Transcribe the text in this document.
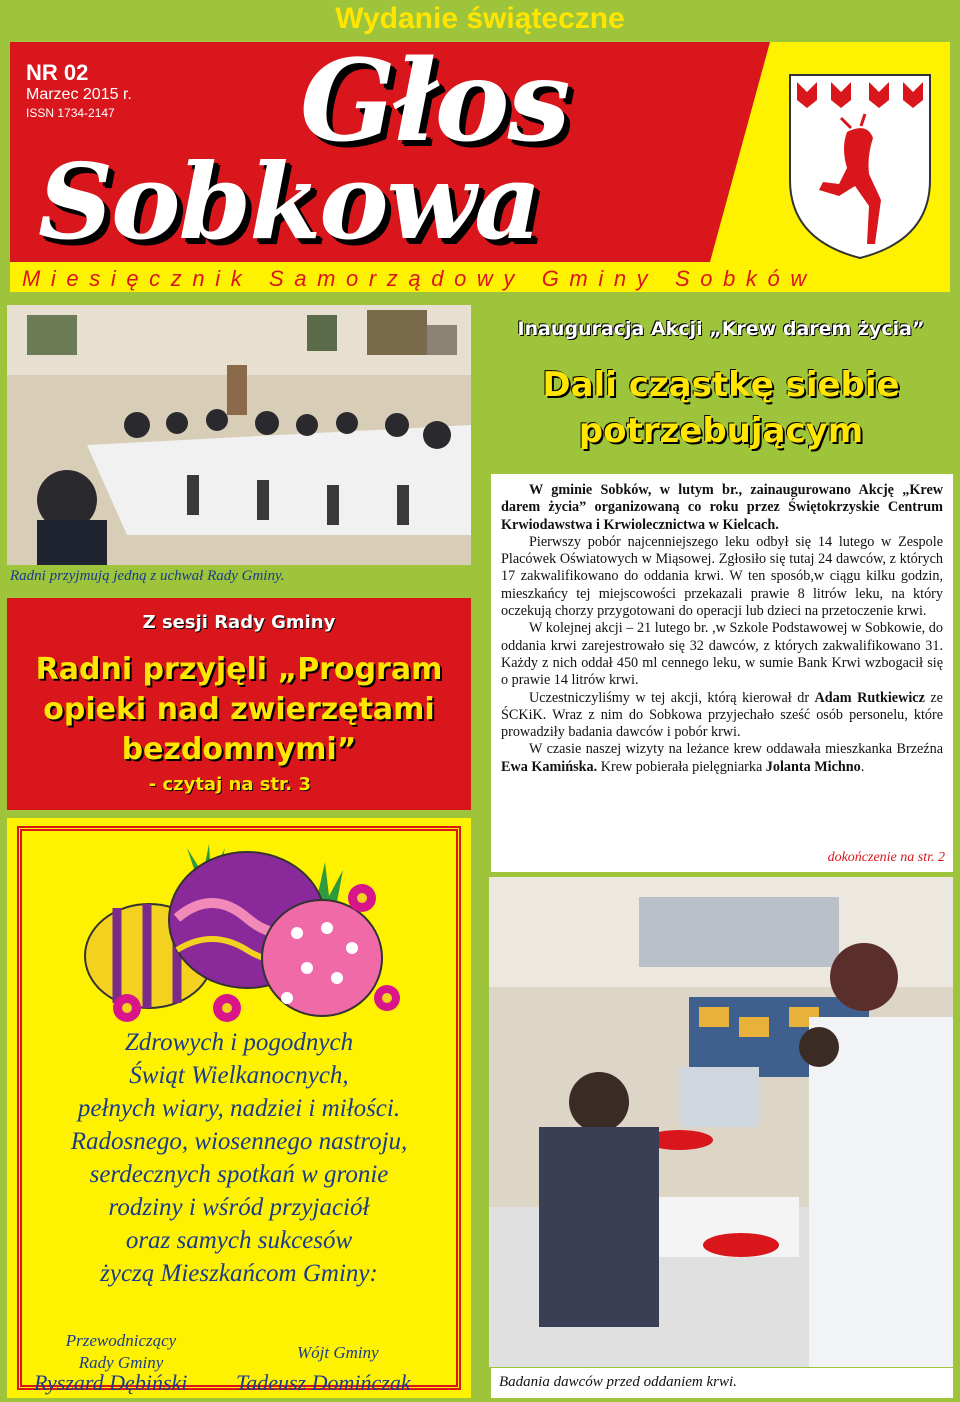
Wydanie świąteczne
NR 02
Marzec 2015 r.
ISSN 1734-2147 Głos
Sobkowa
Miesięcznik Samorządowy Gminy Sobków
Radni przyjmują jedną z uchwał Rady Gminy.
Z sesji Rady Gminy
Radni przyjęli „Program opieki nad zwierzętami bezdomnymi”
- czytaj na str. 3
Zdrowych i pogodnych
Świąt Wielkanocnych,
pełnych wiary, nadziei i miłości.
Radosnego, wiosennego nastroju,
serdecznych spotkań w gronie
rodziny i wśród przyjaciół
oraz samych sukcesów
życzą Mieszkańcom Gminy:
Przewodniczący
Rady Gminy
Wójt Gminy
Ryszard Dębiński Tadeusz Domińczak
Inauguracja Akcji „Krew darem życia”
Dali cząstkę siebie potrzebującym

W gminie Sobków, w lutym br., zainaugurowano Akcję „Krew darem życia” organizowaną co roku przez Świętokrzyskie Centrum Krwiodawstwa i Krwiolecznictwa w Kielcach.

Pierwszy pobór najcenniejszego leku odbył się 14 lutego w Zespole Placówek Oświatowych w Miąsowej. Zgłosiło się tutaj 24 dawców, z których 17 zakwalifikowano do oddania krwi. W ten sposób,w ciągu kilku godzin, mieszkańcy tej miejscowości przekazali prawie 8 litrów leku, na który oczekują chorzy przygotowani do operacji lub dzieci na przetoczenie krwi.

W kolejnej akcji – 21 lutego br. ,w Szkole Podstawowej w Sobkowie, do oddania krwi zarejestrowało się 32 dawców, z których zakwalifikowano 31. Każdy z nich oddał 450 ml cennego leku, w sumie Bank Krwi wzbogacił się o prawie 14 litrów krwi.

Uczestniczyliśmy w tej akcji, którą kierował dr Adam Rutkiewicz ze ŚCKiK. Wraz z nim do Sobkowa przyjechało sześć osób personelu, które prowadziły badania dawców i pobór krwi.

W czasie naszej wizyty na leżance krew oddawała mieszkanka Brzeźna Ewa Kamińska. Krew pobierała pielęgniarka Jolanta Michno.

dokończenie na str. 2
Badania dawców przed oddaniem krwi.
